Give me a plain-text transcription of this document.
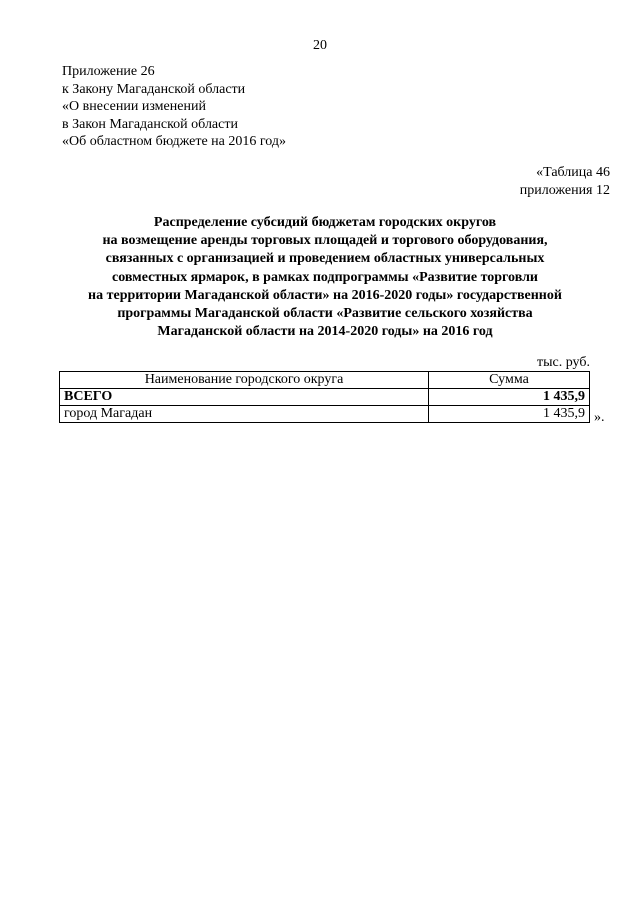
20
Приложение 26
к Закону Магаданской области
«О внесении изменений
в Закон Магаданской области
«Об областном бюджете на 2016 год»
«Таблица 46
приложения 12
Распределение субсидий бюджетам городских округов
на возмещение аренды торговых площадей и торгового оборудования,
связанных с организацией и проведением областных универсальных
совместных ярмарок, в рамках подпрограммы «Развитие торговли
на территории Магаданской области» на 2016-2020 годы» государственной
программы Магаданской области «Развитие сельского хозяйства
Магаданской области на 2014-2020 годы» на 2016 год
тыс. руб.
Наименование городского округа	Сумма
ВСЕГО	1 435,9
город Магадан	1 435,9 ».
